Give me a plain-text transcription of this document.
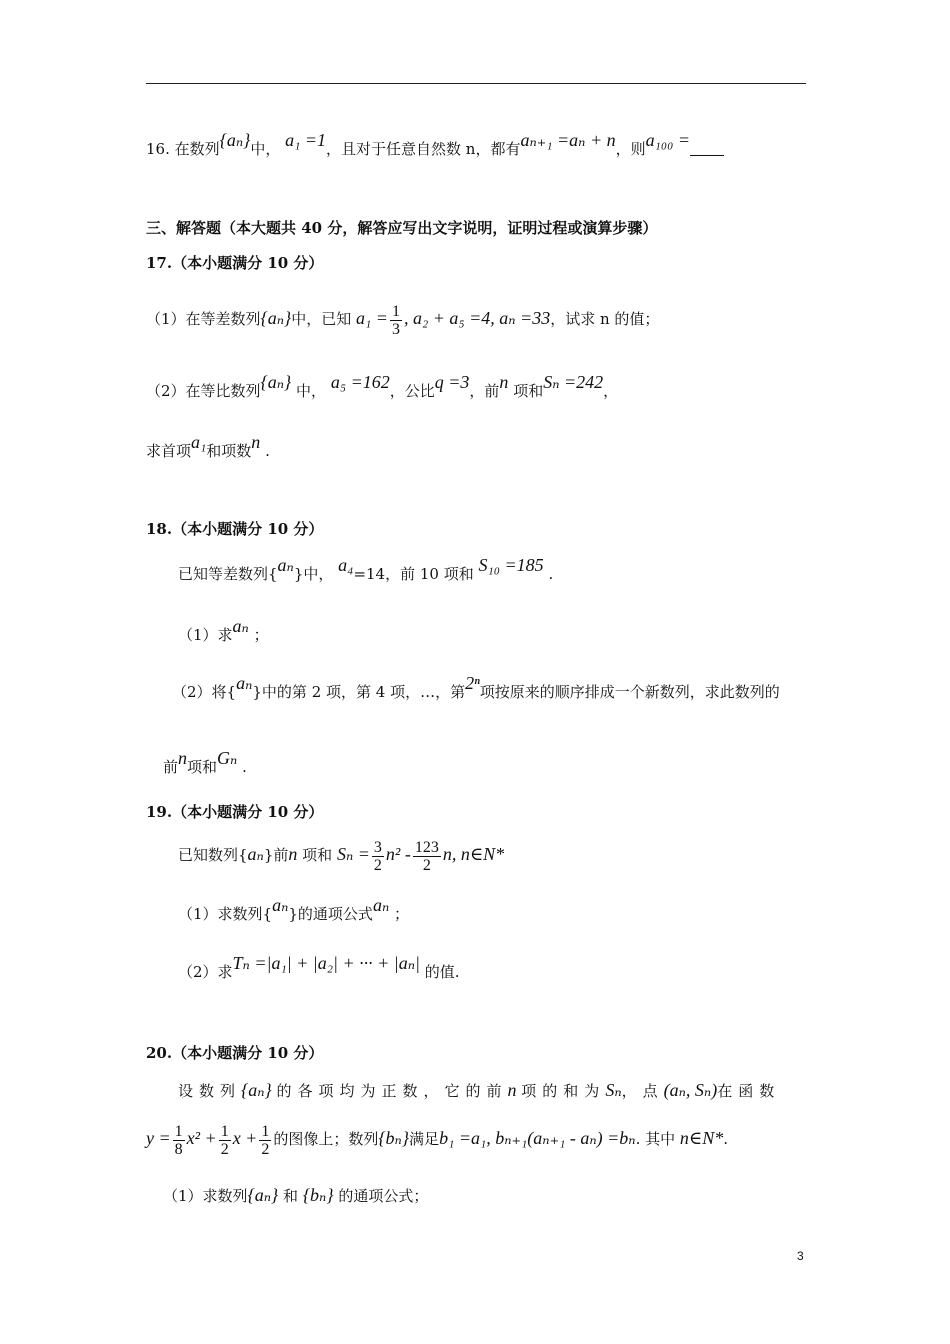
16. 在数列{aₙ}中， a₁ =1，且对于任意自然数 n，都有aₙ₊₁ =aₙ + n，则a₁₀₀ =
三、解答题（本大题共 40 分，解答应写出文字说明，证明过程或演算步骤）
17.（本小题满分 10 分）
（1）在等差数列{aₙ}中，已知 $a_1 = \frac{1}{3}$ , a₂ + a₅ =4, aₙ =33，试求 n 的值；
（2）在等比数列{aₙ} 中， a₅ =162，公比q =3，前n 项和Sₙ =242，
求首项a₁和项数n .
18.（本小题满分 10 分）
已知等差数列{aₙ}中， a₄=14，前 10 项和 S₁₀ =185 .
（1）求aₙ ；
（2）将{aₙ}中的第 2 项，第 4 项，…，第2ⁿ项按原来的顺序排成一个新数列，求此数列的
前n项和Gₙ .
19.（本小题满分 10 分）
已知数列{aₙ}前n 项和 $S_n = \frac{3}{2} n^2 - \frac{123}{2} n$, n∈N*
（1）求数列{aₙ}的通项公式aₙ ；
（2）求Tₙ =|a₁| + |a₂| + ··· + |aₙ| 的值.
20.（本小题满分 10 分）
设数列{aₙ} 的各项均为正数，它的前n 项的和为Sₙ，点(aₙ, Sₙ)在函数
$y = \frac{1}{8} x^2 + \frac{1}{2}$ $x + \frac{1}{2}$ 的图像上；数列{bₙ}满足b₁ =a₁, bₙ₊₁(aₙ₊₁ - aₙ) =bₙ. 其中 n∈N*.
（1）求数列{aₙ} 和 {bₙ} 的通项公式；
3
